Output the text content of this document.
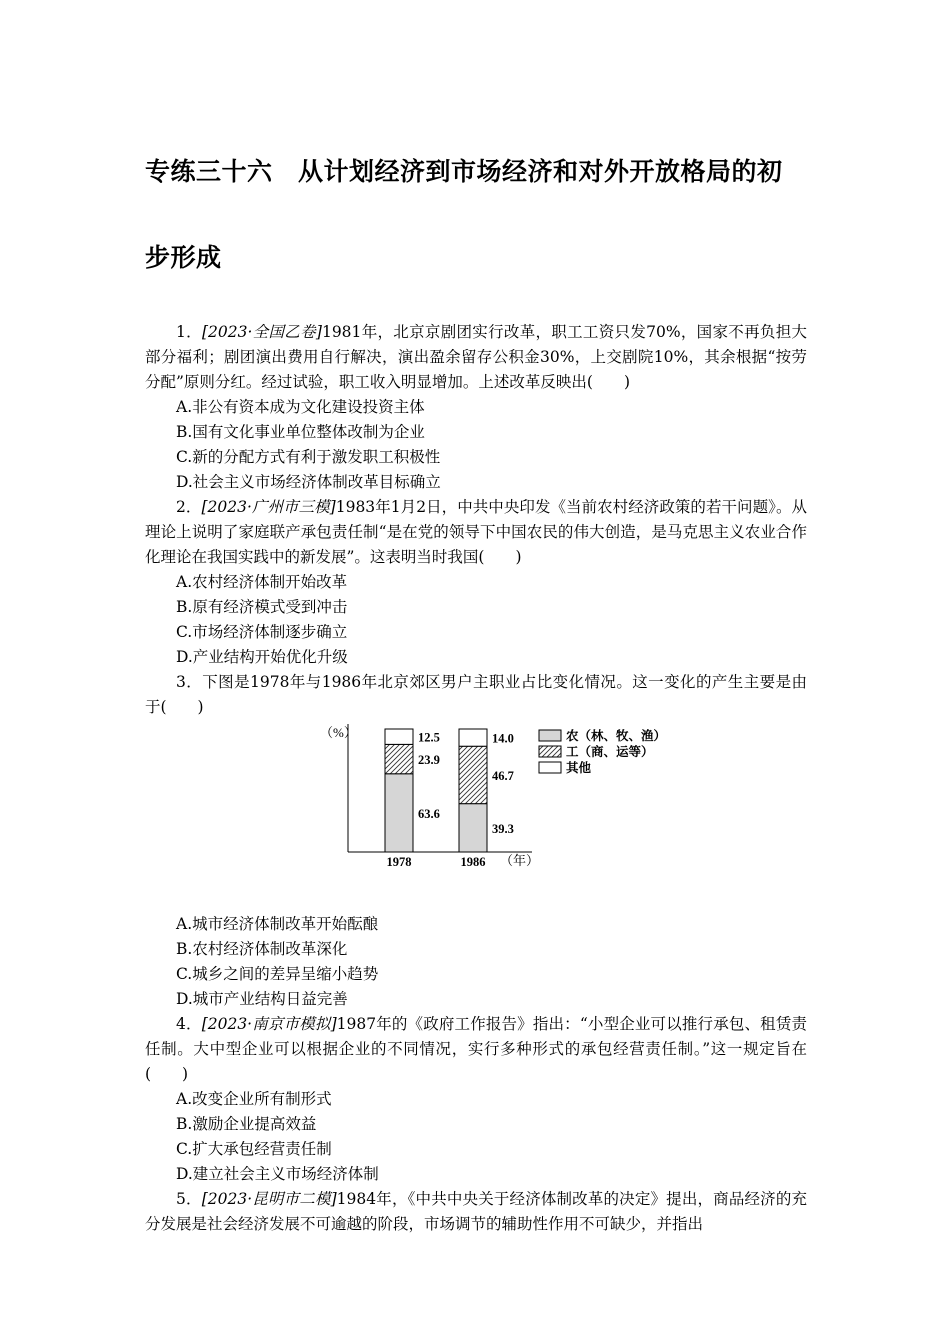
专练三十六　从计划经济到市场经济和对外开放格局的初
步形成

1．[2023·全国乙卷]1981年，北京京剧团实行改革，职工工资只发70%，国家不再负担大部分福利；剧团演出费用自行解决，演出盈余留存公积金30%，上交剧院10%，其余根据“按劳分配”原则分红。经过试验，职工收入明显增加。上述改革反映出(　　)

A.非公有资本成为文化建设投资主体

B.国有文化事业单位整体改制为企业

C.新的分配方式有利于激发职工积极性

D.社会主义市场经济体制改革目标确立

2．[2023·广州市三模]1983年1月2日，中共中央印发《当前农村经济政策的若干问题》。从理论上说明了家庭联产承包责任制“是在党的领导下中国农民的伟大创造，是马克思主义农业合作化理论在我国实践中的新发展”。这表明当时我国(　　)

A.农村经济体制开始改革

B.原有经济模式受到冲击

C.市场经济体制逐步确立

D.产业结构开始优化升级

3．下图是1978年与1986年北京郊区男户主职业占比变化情况。这一变化的产生主要是由于(　　)

（%）
（年）
63.6
23.9
12.5
1978
39.3
46.7
14.0
1986
农（林、牧、渔）
工（商、运等）
其他

A.城市经济体制改革开始酝酿

B.农村经济体制改革深化

C.城乡之间的差异呈缩小趋势

D.城市产业结构日益完善

4．[2023·南京市模拟]1987年的《政府工作报告》指出：“小型企业可以推行承包、租赁责任制。大中型企业可以根据企业的不同情况，实行多种形式的承包经营责任制。”这一规定旨在(　　)

A.改变企业所有制形式

B.激励企业提高效益

C.扩大承包经营责任制

D.建立社会主义市场经济体制

5．[2023·昆明市二模]1984年，《中共中央关于经济体制改革的决定》提出，商品经济的充分发展是社会经济发展不可逾越的阶段，市场调节的辅助性作用不可缺少，并指出
